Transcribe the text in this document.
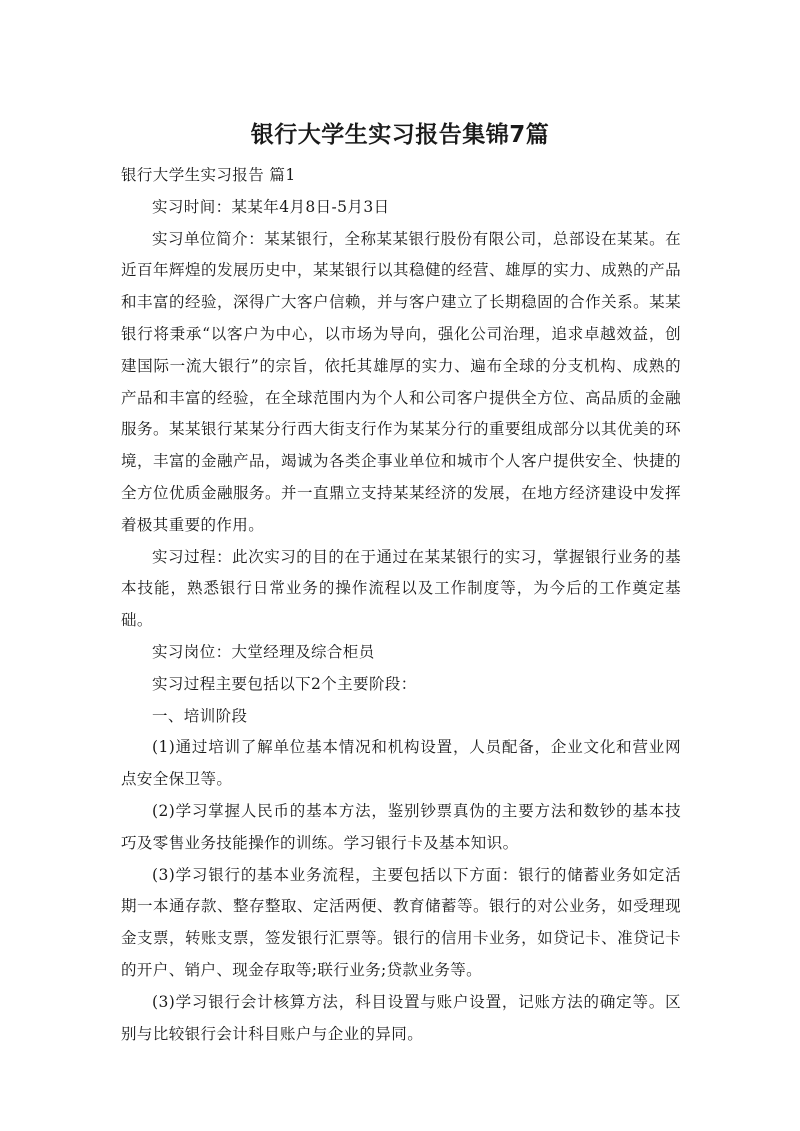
银行大学生实习报告集锦7篇

银行大学生实习报告 篇1

实习时间：某某年4月8日-5月3日

实习单位简介：某某银行，全称某某银行股份有限公司，总部设在某某。在近百年辉煌的发展历史中，某某银行以其稳健的经营、雄厚的实力、成熟的产品和丰富的经验，深得广大客户信赖，并与客户建立了长期稳固的合作关系。某某银行将秉承“以客户为中心，以市场为导向，强化公司治理，追求卓越效益，创建国际一流大银行”的宗旨，依托其雄厚的实力、遍布全球的分支机构、成熟的产品和丰富的经验，在全球范围内为个人和公司客户提供全方位、高品质的金融服务。某某银行某某分行西大街支行作为某某分行的重要组成部分以其优美的环境，丰富的金融产品，竭诚为各类企事业单位和城市个人客户提供安全、快捷的全方位优质金融服务。并一直鼎立支持某某经济的发展，在地方经济建设中发挥着极其重要的作用。

实习过程：此次实习的目的在于通过在某某银行的实习，掌握银行业务的基本技能，熟悉银行日常业务的操作流程以及工作制度等，为今后的工作奠定基础。

实习岗位：大堂经理及综合柜员

实习过程主要包括以下2个主要阶段：

一、培训阶段

(1)通过培训了解单位基本情况和机构设置，人员配备，企业文化和营业网点安全保卫等。

(2)学习掌握人民币的基本方法，鉴别钞票真伪的主要方法和数钞的基本技巧及零售业务技能操作的训练。学习银行卡及基本知识。

(3)学习银行的基本业务流程，主要包括以下方面：银行的储蓄业务如定活期一本通存款、整存整取、定活两便、教育储蓄等。银行的对公业务，如受理现金支票，转账支票，签发银行汇票等。银行的信用卡业务，如贷记卡、准贷记卡的开户、销户、现金存取等;联行业务;贷款业务等。

(3)学习银行会计核算方法，科目设置与账户设置，记账方法的确定等。区别与比较银行会计科目账户与企业的异同。
